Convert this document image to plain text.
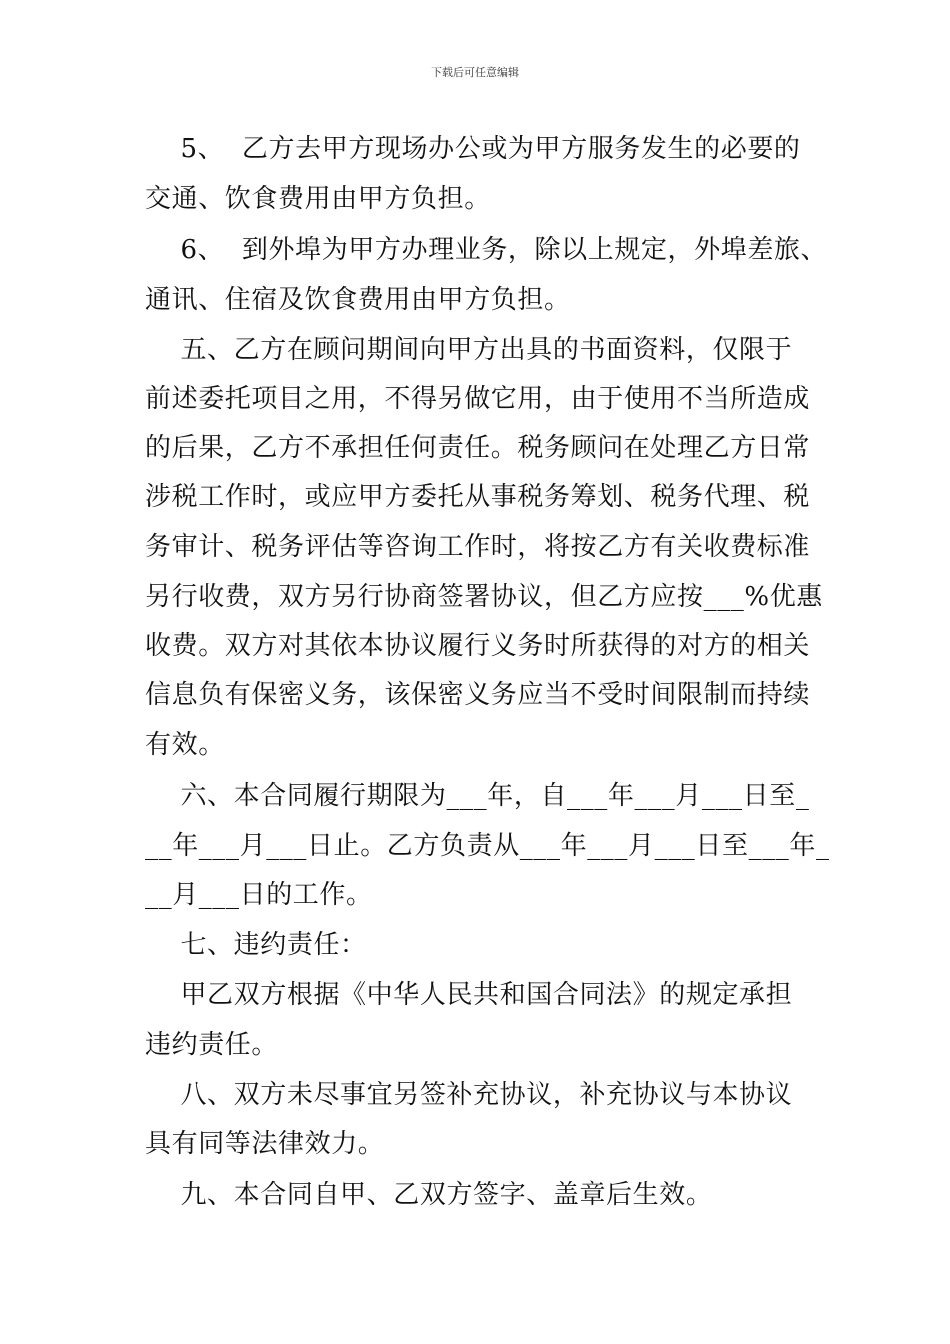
下载后可任意编辑
5、  乙方去甲方现场办公或为甲方服务发生的必要的
交通、饮食费用由甲方负担。
6、  到外埠为甲方办理业务，除以上规定，外埠差旅、
通讯、住宿及饮食费用由甲方负担。
五、乙方在顾问期间向甲方出具的书面资料，仅限于
前述委托项目之用，不得另做它用，由于使用不当所造成
的后果，乙方不承担任何责任。税务顾问在处理乙方日常
涉税工作时，或应甲方委托从事税务筹划、税务代理、税
务审计、税务评估等咨询工作时，将按乙方有关收费标准
另行收费，双方另行协商签署协议，但乙方应按___%优惠
收费。双方对其依本协议履行义务时所获得的对方的相关
信息负有保密义务，该保密义务应当不受时间限制而持续
有效。
六、本合同履行期限为___年，自___年___月___日至_
__年___月___日止。乙方负责从___年___月___日至___年_
__月___日的工作。
七、违约责任：
甲乙双方根据《中华人民共和国合同法》的规定承担
违约责任。
八、双方未尽事宜另签补充协议，补充协议与本协议
具有同等法律效力。
九、本合同自甲、乙双方签字、盖章后生效。
